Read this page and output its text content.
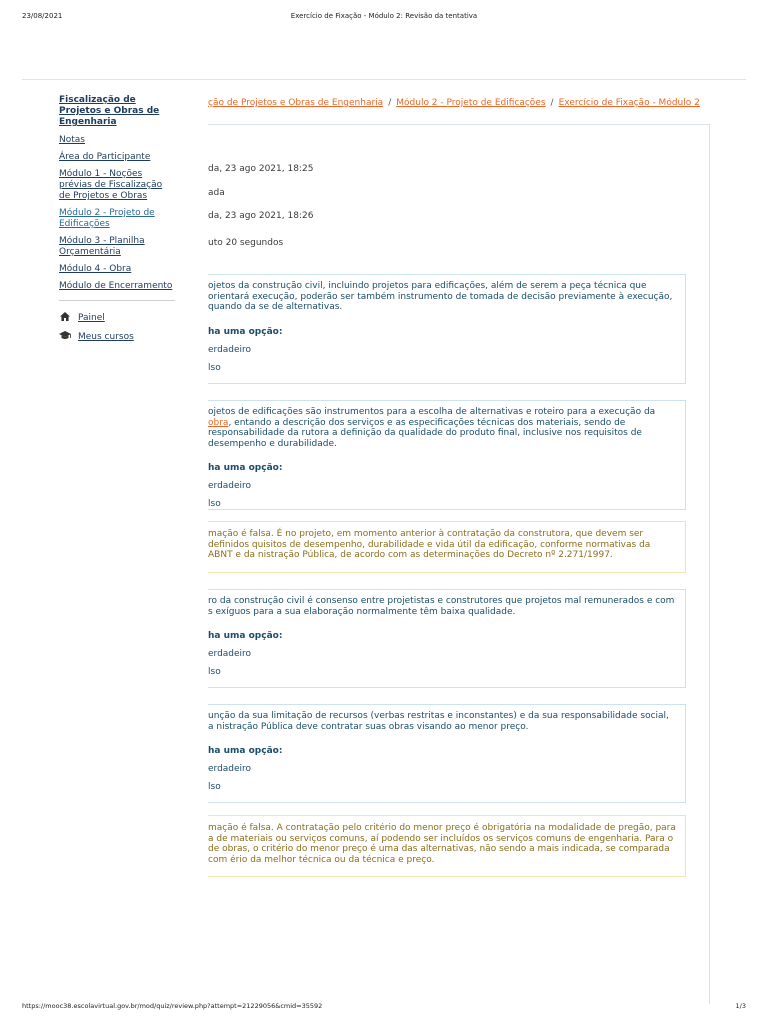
23/08/2021	Exercício de Fixação - Módulo 2: Revisão da tentativa
Fiscalização de Projetos e Obras de Engenharia
Notas
Área do Participante
Módulo 1 - Noções prévias de Fiscalização de Projetos e Obras
Módulo 2 - Projeto de Edificações
Módulo 3 - Planilha Orçamentária
Módulo 4 - Obra
Módulo de Encerramento
Painel
Meus cursos
ção de Projetos e Obras de Engenharia / Módulo 2 - Projeto de Edificações / Exercício de Fixação - Módulo 2
da, 23 ago 2021, 18:25
ada
da, 23 ago 2021, 18:26
uto 20 segundos
ojetos da construção civil, incluindo projetos para edificações, além de serem a peça técnica que orientará execução, poderão ser também instrumento de tomada de decisão previamente à execução, quando da se de alternativas.
ha uma opção:
erdadeiro
lso
ojetos de edificações são instrumentos para a escolha de alternativas e roteiro para a execução da obra, entando a descrição dos serviços e as especificações técnicas dos materiais, sendo de responsabilidade da rutora a definição da qualidade do produto final, inclusive nos requisitos de desempenho e durabilidade.
ha uma opção:
erdadeiro
lso
mação é falsa. É no projeto, em momento anterior à contratação da construtora, que devem ser definidos quisitos de desempenho, durabilidade e vida útil da edificação, conforme normativas da ABNT e da nistração Pública, de acordo com as determinações do Decreto nº 2.271/1997.
ro da construção civil é consenso entre projetistas e construtores que projetos mal remunerados e com s exíguos para a sua elaboração normalmente têm baixa qualidade.
ha uma opção:
erdadeiro
lso
unção da sua limitação de recursos (verbas restritas e inconstantes) e da sua responsabilidade social, a nistração Pública deve contratar suas obras visando ao menor preço.
ha uma opção:
erdadeiro
lso
mação é falsa. A contratação pelo critério do menor preço é obrigatória na modalidade de pregão, para a de materiais ou serviços comuns, aí podendo ser incluídos os serviços comuns de engenharia. Para o de obras, o critério do menor preço é uma das alternativas, não sendo a mais indicada, se comparada com ério da melhor técnica ou da técnica e preço.
https://mooc38.escolavirtual.gov.br/mod/quiz/review.php?attempt=21229056&cmid=35592	1/3
